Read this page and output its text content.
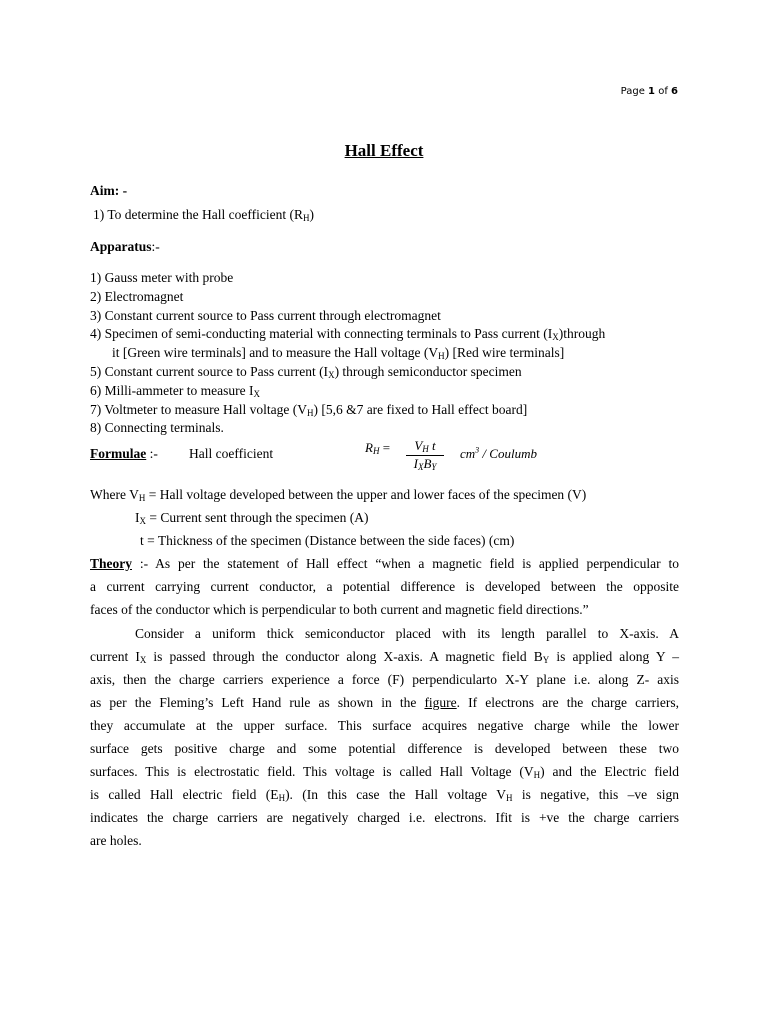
Page 1 of 6
Hall Effect
Aim: -
1) To determine the Hall coefficient $(R_H)$
Apparatus:-
1) Gauss meter with probe
2) Electromagnet
3) Constant current source to Pass current through electromagnet
4) Specimen of semi-conducting material with connecting terminals to Pass current $(I_X)through$
it [Green wire terminals] and to measure the Hall voltage $(V_H)$ [Red wire terminals]
5) Constant current source to Pass current $(I_X)$ through semiconductor specimen
6) Milli-ammeter to measure $I_X$
7) Voltmeter to measure Hall voltage $(V_H)$ [5,6 &7 are fixed to Hall effect board]
8) Connecting terminals.
Formulae :- Hall coefficient	$R_H$ =	$V_H$ t
$I_XB_Y$
$cm^3$ / Coulumb
Where $V_H$ = Hall voltage developed between the upper and lower faces of the specimen (V)
$I_X$ = Current sent through the specimen (A)
t = Thickness of the specimen (Distance between the side faces) (cm)
Theory :- As per the statement of Hall effect “when a magnetic field is applied perpendicular to
a current carrying current conductor, a potential difference is developed between the opposite
faces of the conductor which is perpendicular to both current and magnetic field directions.”
Consider a uniform thick semiconductor placed with its length parallel to X-axis. A
current $I_X$ is passed through the conductor along X-axis. A magnetic field $B_Y$ is applied along Y –
axis, then the charge carriers experience a force (F) perpendicularto X-Y plane i.e. along Z- axis
as per the Fleming’s Left Hand rule as shown in the figure. If electrons are the charge carriers,
they accumulate at the upper surface. This surface acquires negative charge while the lower
surface gets positive charge and some potential difference is developed between these two
surfaces. This is electrostatic field. This voltage is called Hall Voltage $(V_H)$ and the Electric field
is called Hall electric field $(E_H)$. (In this case the Hall voltage $V_H$ is negative, this –ve sign
indicates the charge carriers are negatively charged i.e. electrons. Ifit is +ve the charge carriers
are holes.
